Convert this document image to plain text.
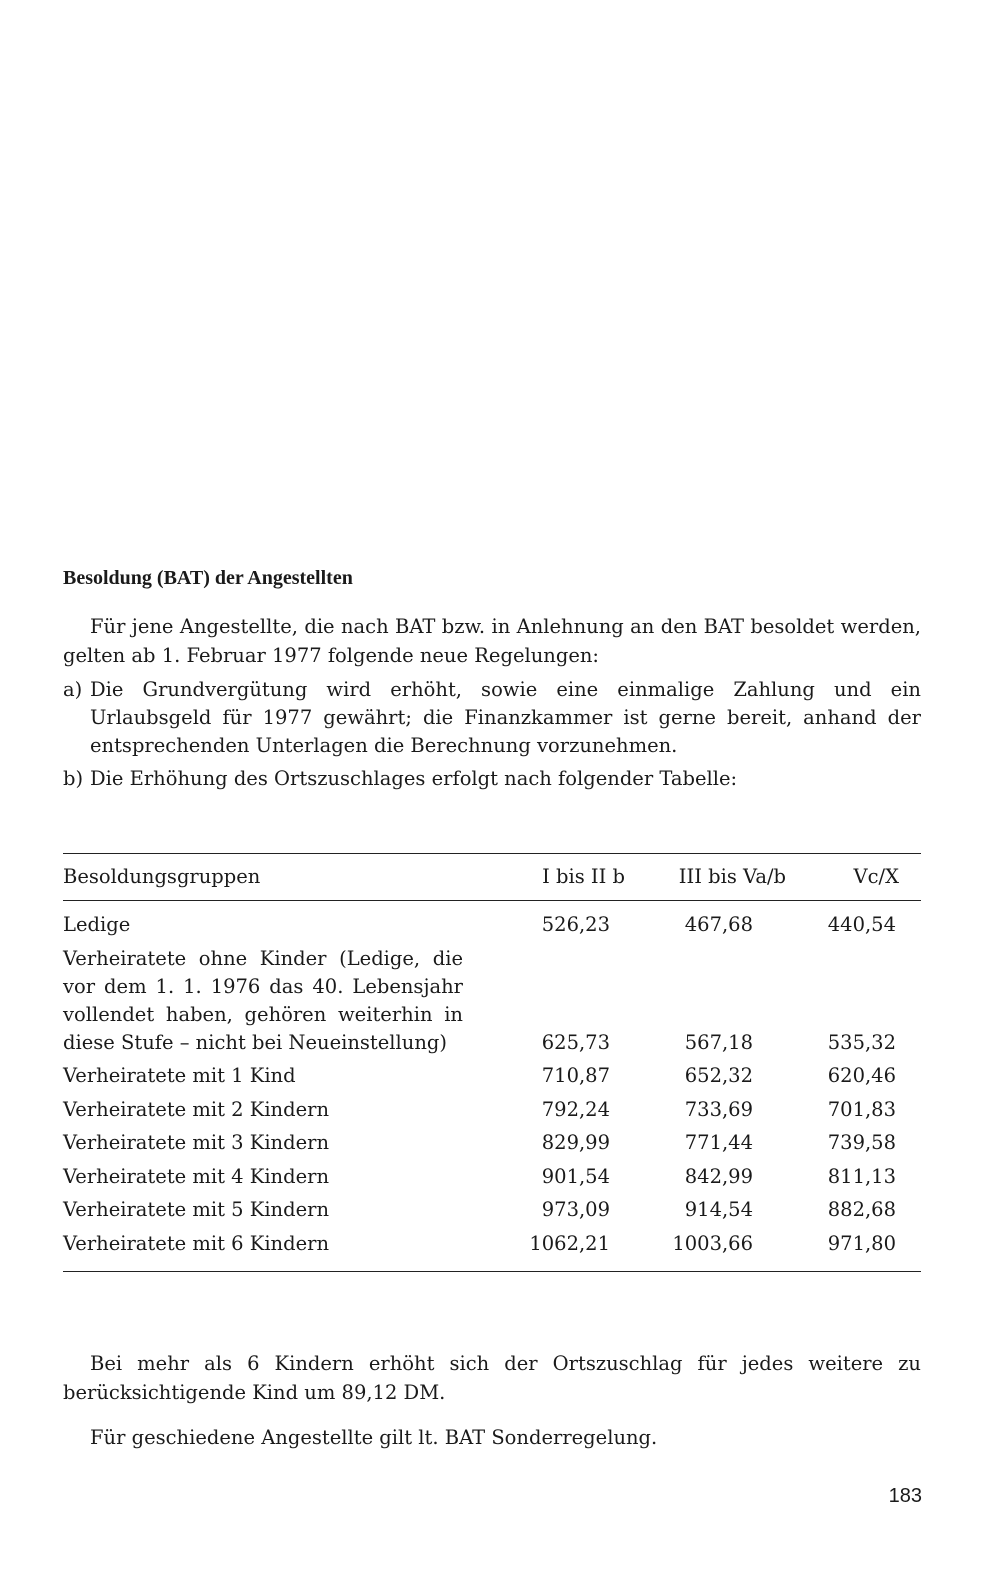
Besoldung (BAT) der Angestellten

Für jene Angestellte, die nach BAT bzw. in Anlehnung an den BAT besoldet werden, gelten ab 1. Februar 1977 folgende neue Regelungen:

a) Die Grundvergütung wird erhöht, sowie eine einmalige Zahlung und ein Urlaubsgeld für 1977 gewährt; die Finanzkammer ist gerne bereit, anhand der entsprechenden Unterlagen die Berechnung vorzunehmen.
b) Die Erhöhung des Ortszuschlages erfolgt nach folgender Tabelle:
Besoldungsgruppen	I bis II b	III bis Va/b	Vc/X
Ledige	526,23	467,68	440,54
Verheiratete ohne Kinder (Ledige, die vor dem 1. 1. 1976 das 40. Lebensjahr vollendet haben, gehören weiterhin in diese Stufe – nicht bei Neueinstellung)	625,73	567,18	535,32
Verheiratete mit 1 Kind	710,87	652,32	620,46
Verheiratete mit 2 Kindern	792,24	733,69	701,83
Verheiratete mit 3 Kindern	829,99	771,44	739,58
Verheiratete mit 4 Kindern	901,54	842,99	811,13
Verheiratete mit 5 Kindern	973,09	914,54	882,68
Verheiratete mit 6 Kindern	1062,21	1003,66	971,80

Bei mehr als 6 Kindern erhöht sich der Ortszuschlag für jedes weitere zu berücksichtigende Kind um 89,12 DM.

Für geschiedene Angestellte gilt lt. BAT Sonderregelung.

183
